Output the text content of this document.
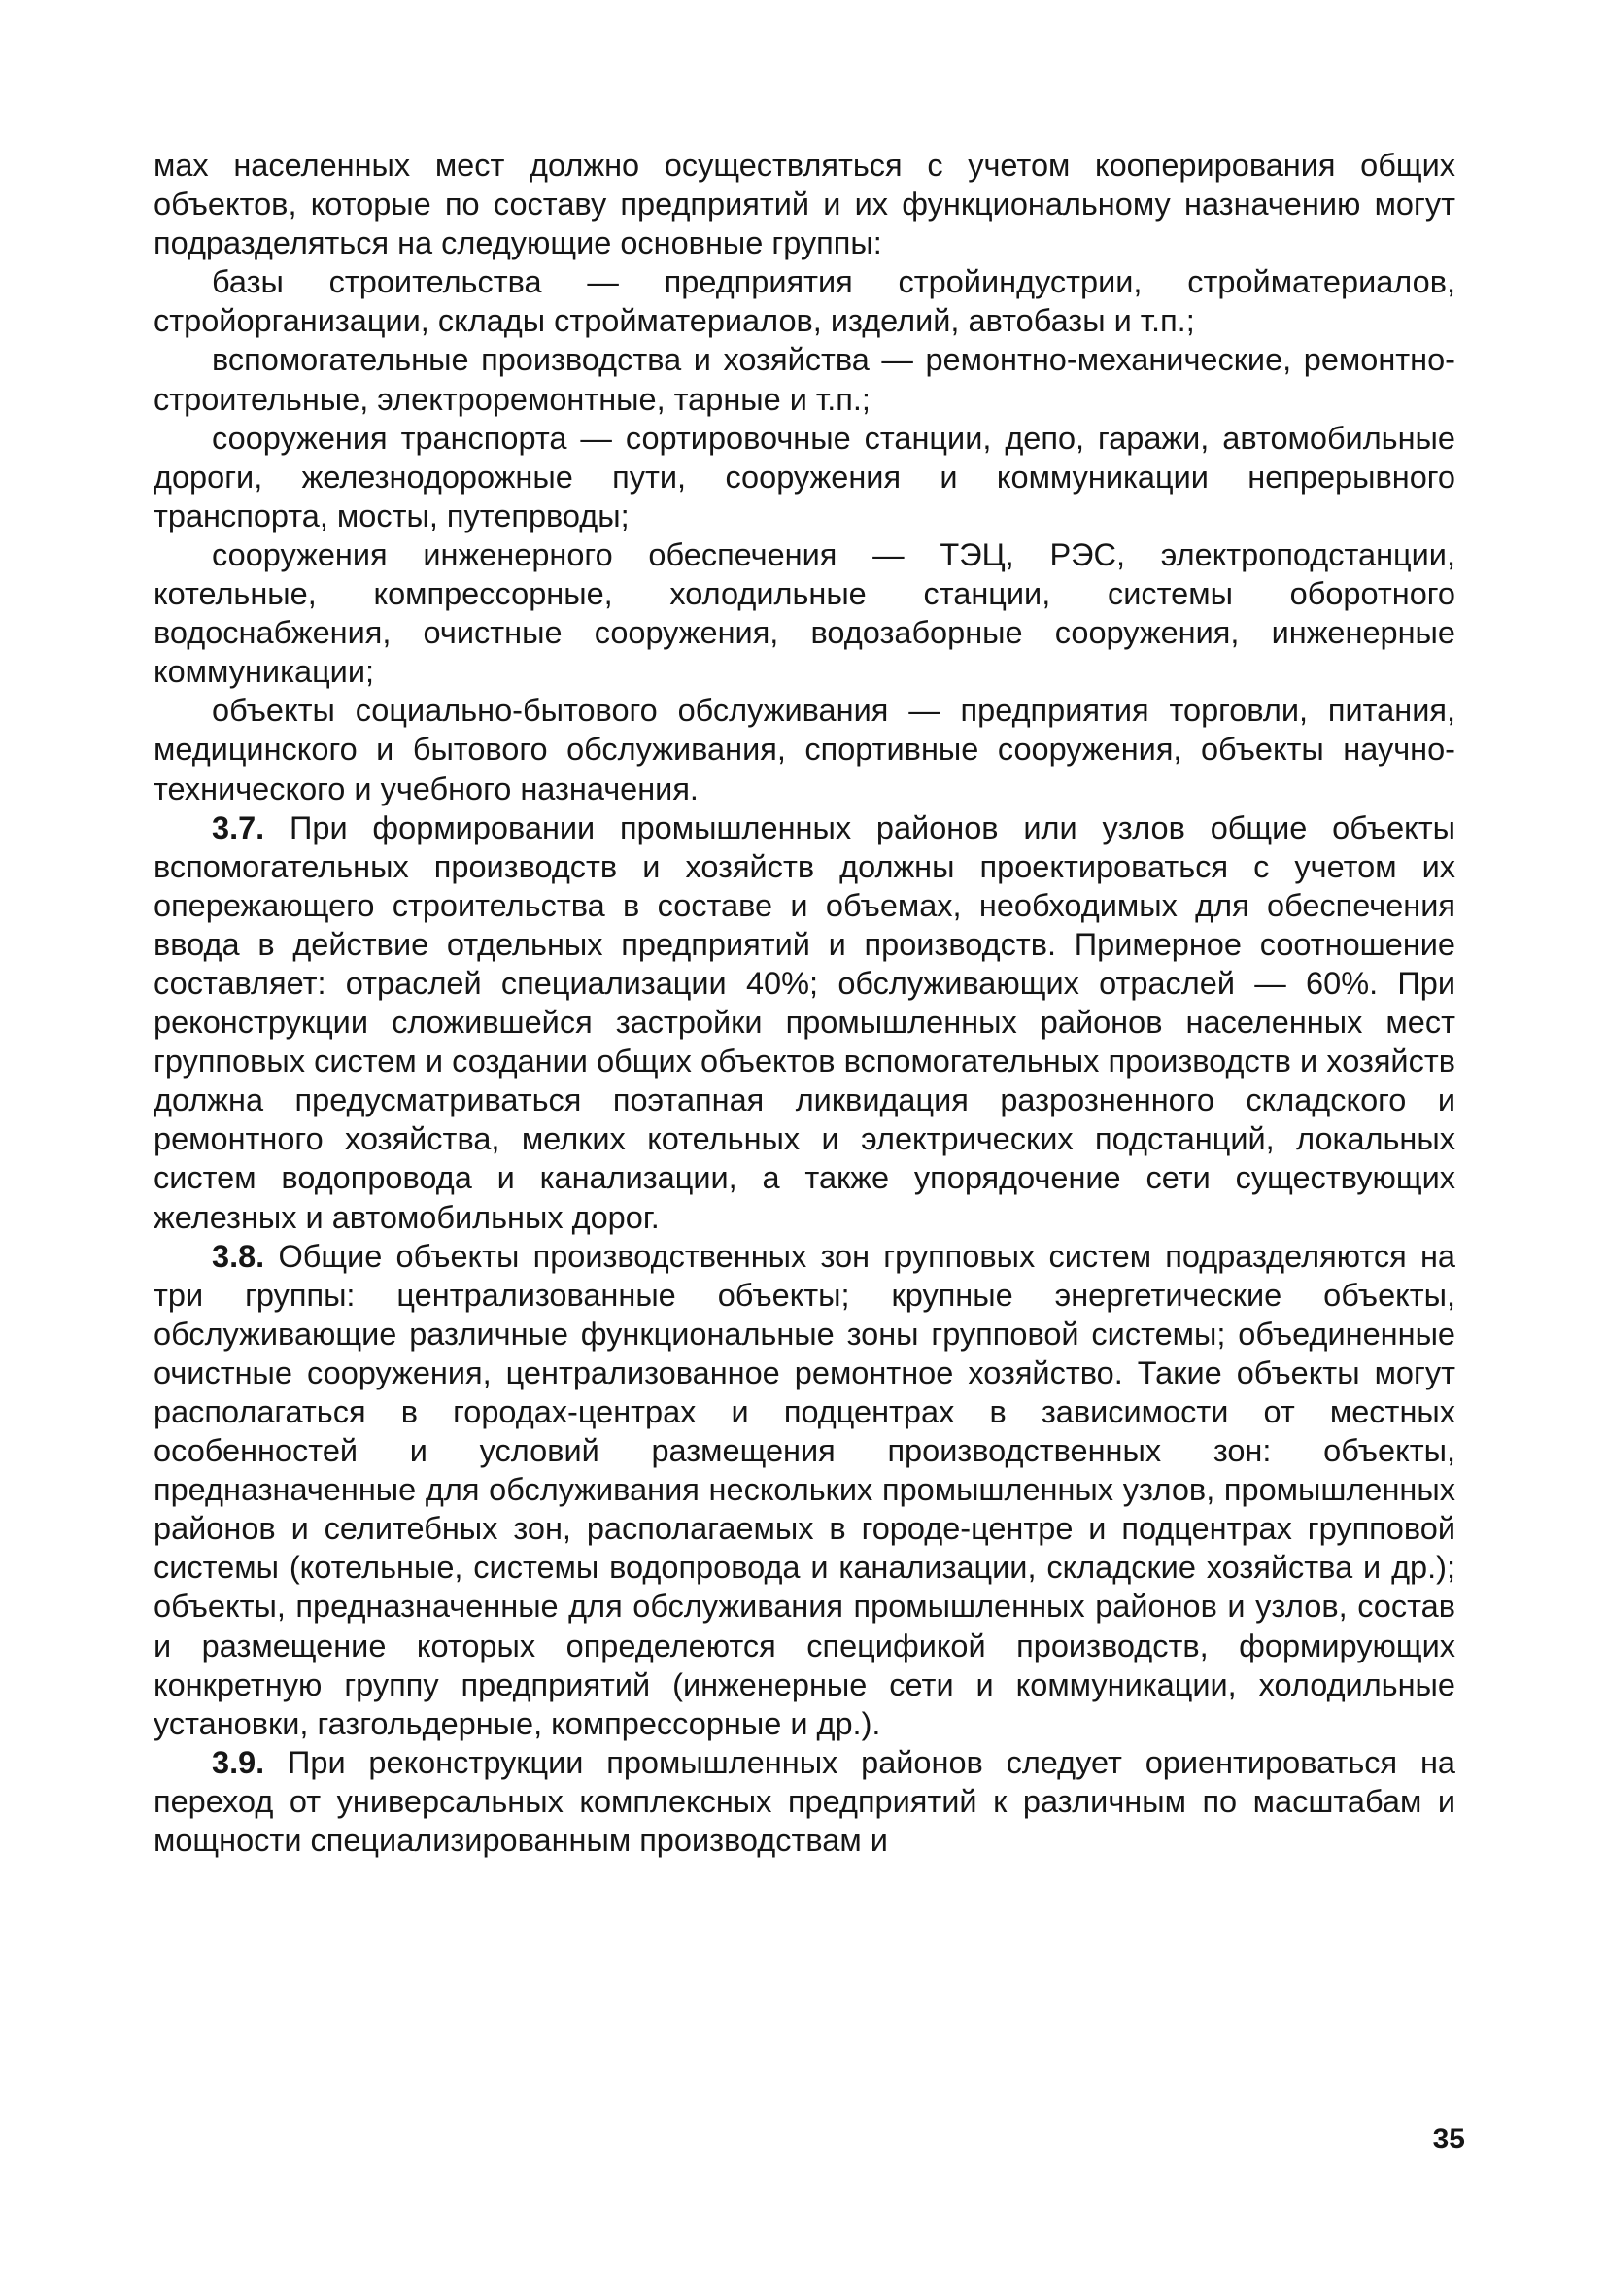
мах населенных мест должно осуществляться с учетом кооперирования общих объектов, которые по составу предприятий и их функциональному назначению могут подразделяться на следующие основные группы:

базы строительства — предприятия стройиндустрии, стройматериалов, стройорганизации, склады стройматериалов, изделий, автобазы и т.п.;

вспомогательные производства и хозяйства — ремонтно-механические, ремонтно-строительные, электроремонтные, тарные и т.п.;

сооружения транспорта — сортировочные станции, депо, гаражи, автомобильные дороги, железнодорожные пути, сооружения и коммуникации непрерывного транспорта, мосты, путепрводы;

сооружения инженерного обеспечения — ТЭЦ, РЭС, электроподстанции, котельные, компрессорные, холодильные станции, системы оборотного водоснабжения, очистные сооружения, водозаборные сооружения, инженерные коммуникации;

объекты социально-бытового обслуживания — предприятия торговли, питания, медицинского и бытового обслуживания, спортивные сооружения, объекты научно-технического и учебного назначения.

3.7. При формировании промышленных районов или узлов общие объекты вспомогательных производств и хозяйств должны проектироваться с учетом их опережающего строительства в составе и объемах, необходимых для обеспечения ввода в действие отдельных предприятий и производств. Примерное соотношение составляет: отраслей специализации 40%; обслуживающих отраслей — 60%. При реконструкции сложившейся застройки промышленных районов населенных мест групповых систем и создании общих объектов вспомогательных производств и хозяйств должна предусматриваться поэтапная ликвидация разрозненного складского и ремонтного хозяйства, мелких котельных и электрических подстанций, локальных систем водопровода и канализации, а также упорядочение сети существующих железных и автомобильных дорог.

3.8. Общие объекты производственных зон групповых систем подразделяются на три группы: централизованные объекты; крупные энергетические объекты, обслуживающие различные функциональные зоны групповой системы; объединенные очистные сооружения, централизованное ремонтное хозяйство. Такие объекты могут располагаться в городах-центрах и подцентрах в зависимости от местных особенностей и условий размещения производственных зон: объекты, предназначенные для обслуживания нескольких промышленных узлов, промышленных районов и селитебных зон, располагаемых в городе-центре и подцентрах групповой системы (котельные, системы водопровода и канализации, складские хозяйства и др.); объекты, предназначенные для обслуживания промышленных районов и узлов, состав и размещение которых определеются спецификой производств, формирующих конкретную группу предприятий (инженерные сети и коммуникации, холодильные установки, газгольдерные, компрессорные и др.).

3.9. При реконструкции промышленных районов следует ориентироваться на переход от универсальных комплексных предприятий к различным по масштабам и мощности специализированным производствам и

35
